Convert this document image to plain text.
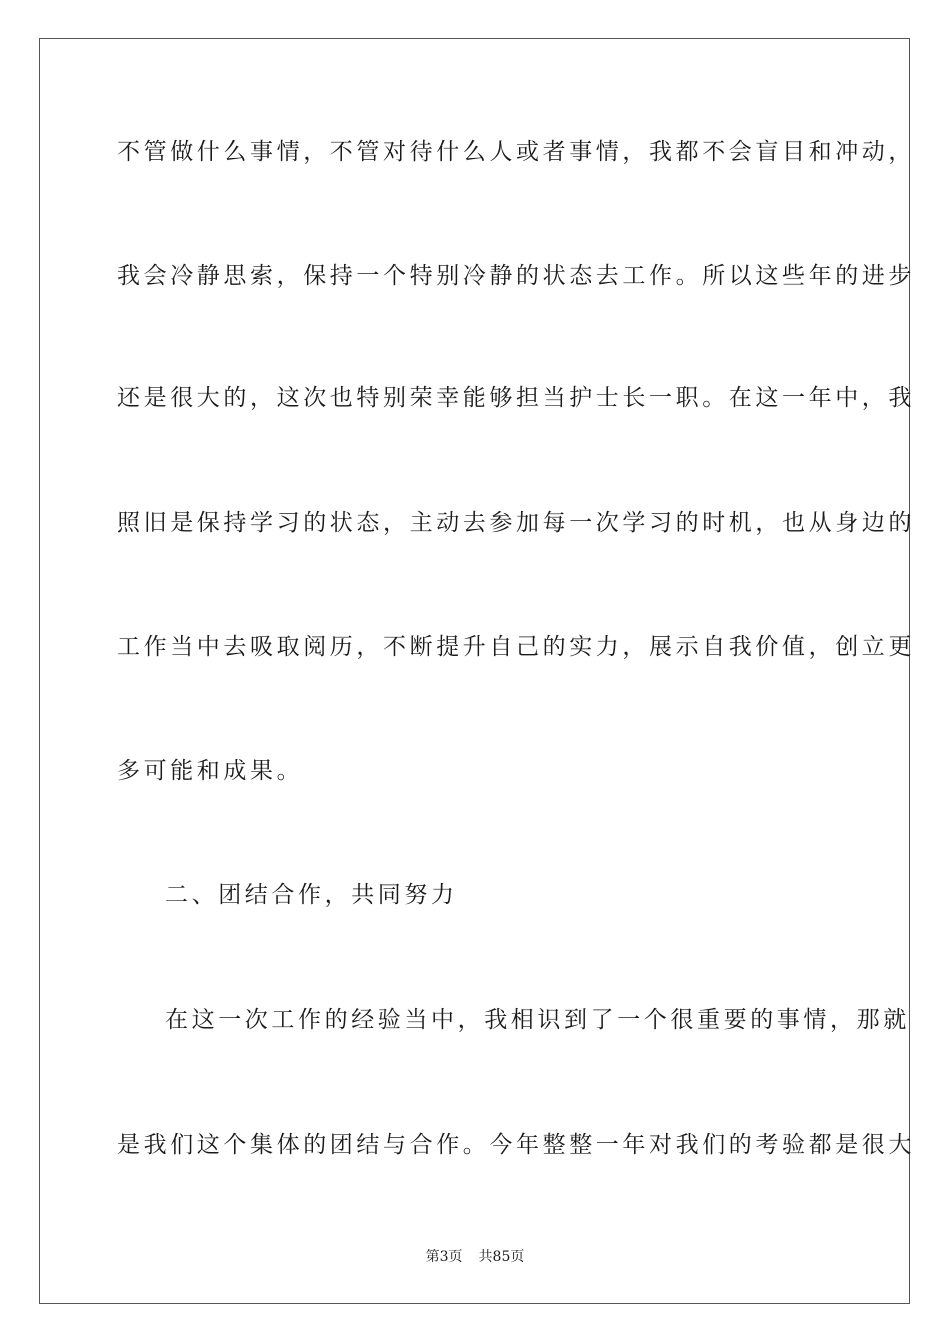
不管做什么事情，不管对待什么人或者事情，我都不会盲目和冲动，
我会冷静思索，保持一个特别冷静的状态去工作。所以这些年的进步
还是很大的，这次也特别荣幸能够担当护士长一职。在这一年中，我
照旧是保持学习的状态，主动去参加每一次学习的时机，也从身边的
工作当中去吸取阅历，不断提升自己的实力，展示自我价值，创立更
多可能和成果。
二、团结合作，共同努力
在这一次工作的经验当中，我相识到了一个很重要的事情，那就
是我们这个集体的团结与合作。今年整整一年对我们的考验都是很大
第3页 共85页
